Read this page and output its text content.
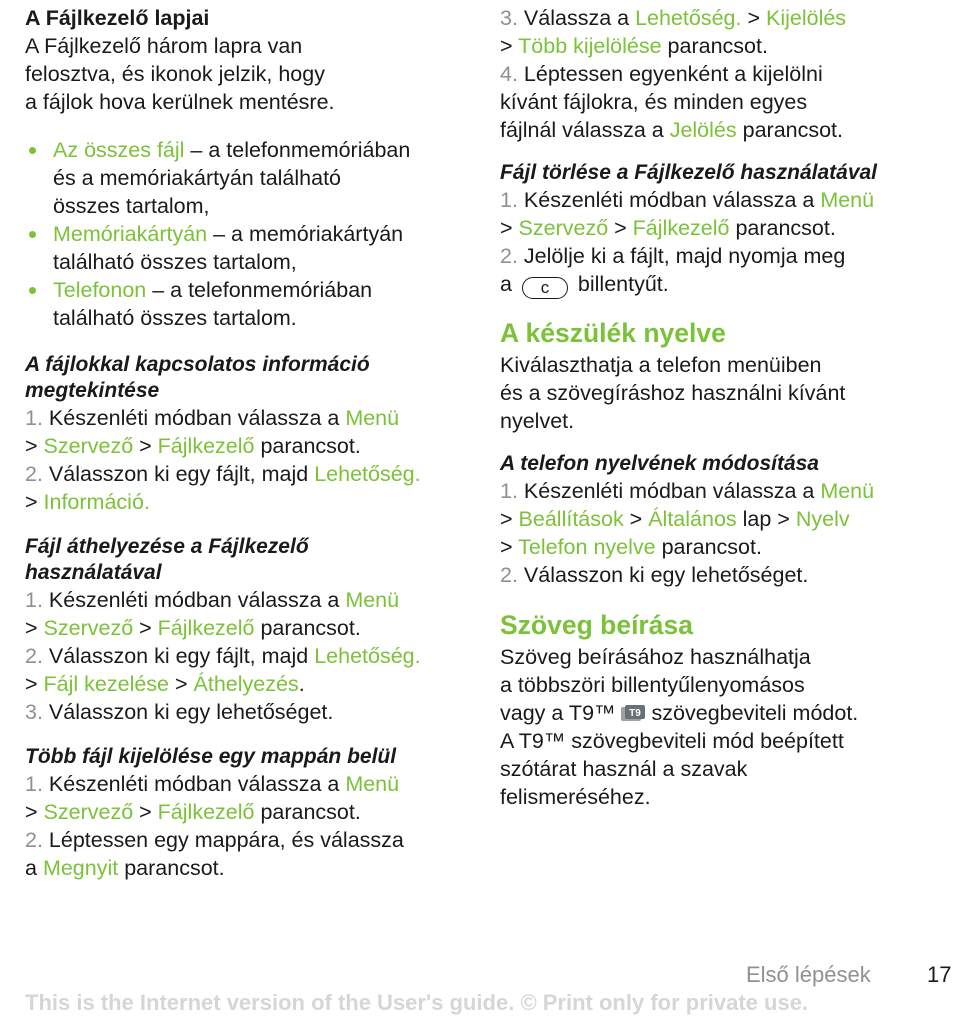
A Fájlkezelő lapjai

A Fájlkezelő három lapra van

felosztva, és ikonok jelzik, hogy

a fájlok hova kerülnek mentésre.

Az összes fájl – a telefonmemóriában
és a memóriakártyán található
összes tartalom,
Memóriakártyán – a memóriakártyán
található összes tartalom,
Telefonon – a telefonmemóriában
található összes tartalom.
A fájlokkal kapcsolatos információ
megtekintése
1. Készenléti módban válassza a Menü
> Szervező > Fájlkezelő parancsot.
2. Válasszon ki egy fájlt, majd Lehetőség.
> Információ.
Fájl áthelyezése a Fájlkezelő
használatával
1. Készenléti módban válassza a Menü
> Szervező > Fájlkezelő parancsot.
2. Válasszon ki egy fájlt, majd Lehetőség.
> Fájl kezelése > Áthelyezés.
3. Válasszon ki egy lehetőséget.
Több fájl kijelölése egy mappán belül
1. Készenléti módban válassza a Menü
> Szervező > Fájlkezelő parancsot.
2. Léptessen egy mappára, és válassza
a Megnyit parancsot.
3. Válassza a Lehetőség. > Kijelölés
> Több kijelölése parancsot.
4. Léptessen egyenként a kijelölni
kívánt fájlokra, és minden egyes
fájlnál válassza a Jelölés parancsot.
Fájl törlése a Fájlkezelő használatával
1. Készenléti módban válassza a Menü
> Szervező > Fájlkezelő parancsot.
2. Jelölje ki a fájlt, majd nyomja meg
a c billentyűt.
A készülék nyelve

Kiválaszthatja a telefon menüiben

és a szövegíráshoz használni kívánt

nyelvet.

A telefon nyelvének módosítása
1. Készenléti módban válassza a Menü
> Beállítások > Általános lap > Nyelv
> Telefon nyelve parancsot.
2. Válasszon ki egy lehetőséget.
Szöveg beírása

Szöveg beírásához használhatja
a többszöri billentyűlenyomásos
vagy a T9™ T9 szövegbeviteli módot.
A T9™ szövegbeviteli mód beépített
szótárat használ a szavak
felismeréséhez.

Első lépések	17
This is the Internet version of the User's guide. © Print only for private use.
